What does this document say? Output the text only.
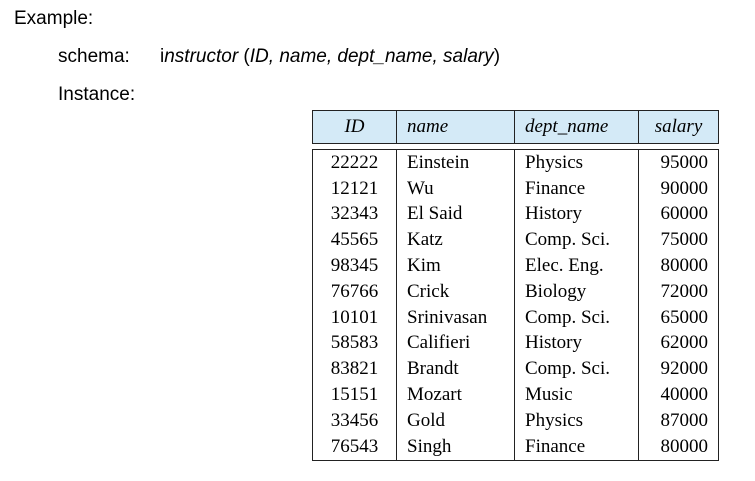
Example:
schema: instructor (ID, name, dept_name, salary)
Instance:
ID	name	dept_name	salary

22222	Einstein	Physics	95000
12121	Wu	Finance	90000
32343	El Said	History	60000
45565	Katz	Comp. Sci.	75000
98345	Kim	Elec. Eng.	80000
76766	Crick	Biology	72000
10101	Srinivasan	Comp. Sci.	65000
58583	Califieri	History	62000
83821	Brandt	Comp. Sci.	92000
15151	Mozart	Music	40000
33456	Gold	Physics	87000
76543	Singh	Finance	80000
